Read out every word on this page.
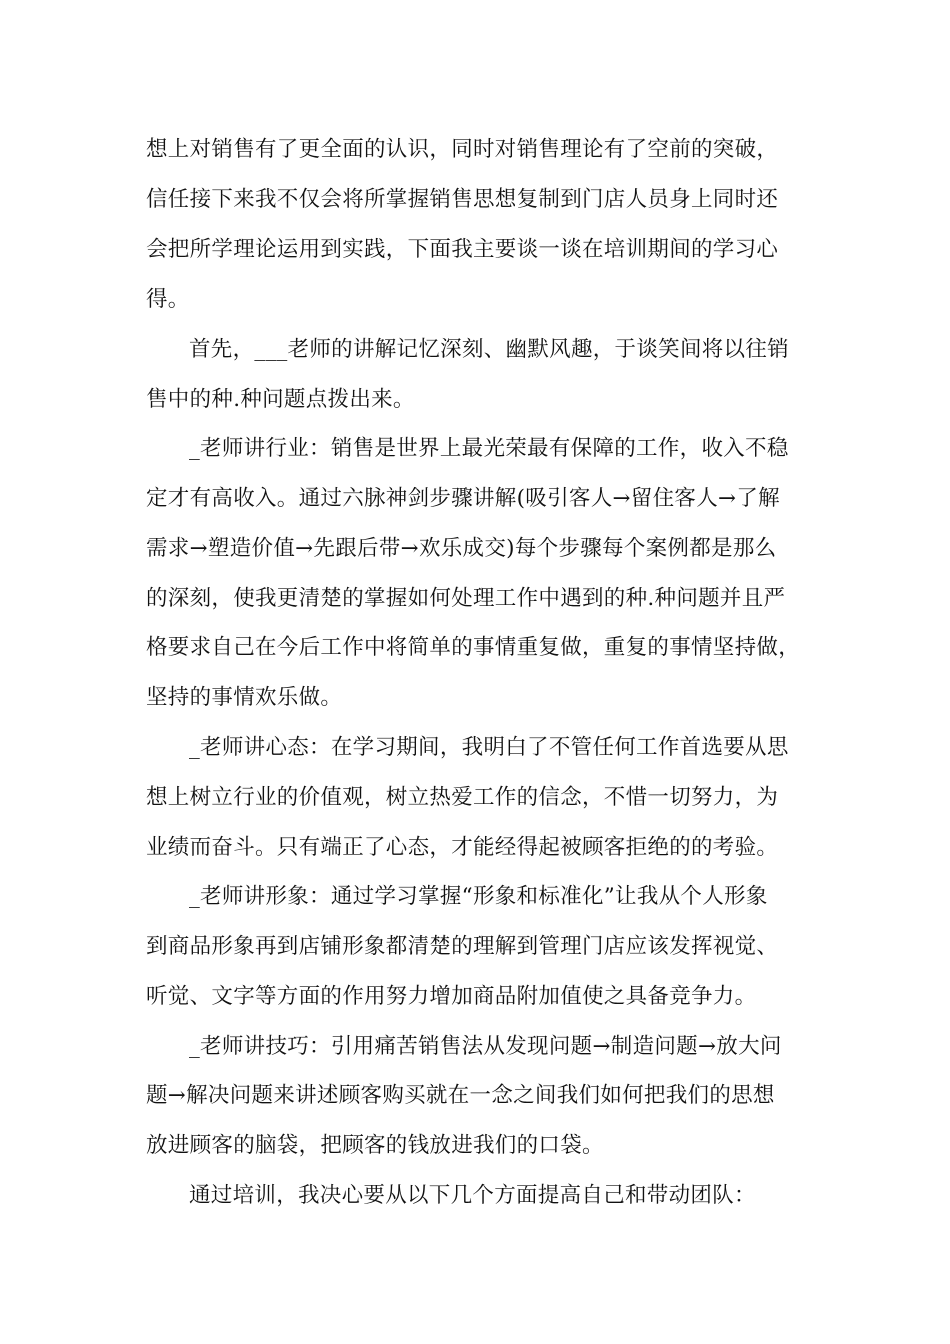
想上对销售有了更全面的认识，同时对销售理论有了空前的突破，
信任接下来我不仅会将所掌握销售思想复制到门店人员身上同时还
会把所学理论运用到实践，下面我主要谈一谈在培训期间的学习心
得。
首先，___老师的讲解记忆深刻、幽默风趣，于谈笑间将以往销
售中的种.种问题点拨出来。
_老师讲行业：销售是世界上最光荣最有保障的工作，收入不稳
定才有高收入。通过六脉神剑步骤讲解(吸引客人→留住客人→了解
需求→塑造价值→先跟后带→欢乐成交)每个步骤每个案例都是那么
的深刻，使我更清楚的掌握如何处理工作中遇到的种.种问题并且严
格要求自己在今后工作中将简单的事情重复做，重复的事情坚持做，
坚持的事情欢乐做。
_老师讲心态：在学习期间，我明白了不管任何工作首选要从思
想上树立行业的价值观，树立热爱工作的信念，不惜一切努力，为
业绩而奋斗。只有端正了心态，才能经得起被顾客拒绝的的考验。
_老师讲形象：通过学习掌握“形象和标准化”让我从个人形象
到商品形象再到店铺形象都清楚的理解到管理门店应该发挥视觉、
听觉、文字等方面的作用努力增加商品附加值使之具备竞争力。
_老师讲技巧：引用痛苦销售法从发现问题→制造问题→放大问
题→解决问题来讲述顾客购买就在一念之间我们如何把我们的思想
放进顾客的脑袋，把顾客的钱放进我们的口袋。
通过培训，我决心要从以下几个方面提高自己和带动团队：
